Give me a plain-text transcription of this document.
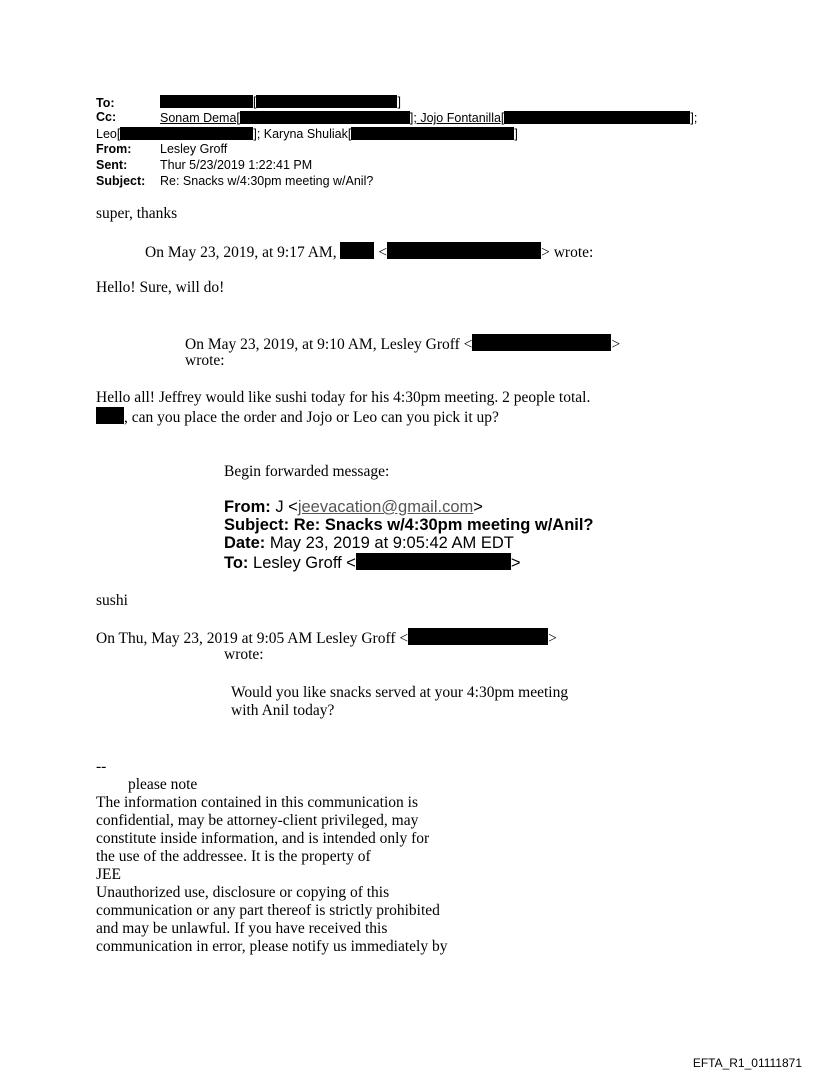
To:	[	]
Cc:	Sonam Dema[	]; Jojo Fontanilla[	];
Leo[	]; Karyna Shuliak[	]
From: Lesley Groff
Sent:	Thur 5/23/2019 1:22:41 PM
Subject: Re: Snacks w/4:30pm meeting w/Anil?
super, thanks
On May 23, 2019, at 9:17 AM,	<	> wrote:
Hello! Sure, will do!
On May 23, 2019, at 9:10 AM, Lesley Groff <	>
wrote:
Hello all! Jeffrey would like sushi today for his 4:30pm meeting. 2 people total.
, can you place the order and Jojo or Leo can you pick it up?
Begin forwarded message:
From: J <jeevacation@gmail.com>
Subject: Re: Snacks w/4:30pm meeting w/Anil?
Date: May 23, 2019 at 9:05:42 AM EDT
To: Lesley Groff <	>
sushi
On Thu, May 23, 2019 at 9:05 AM Lesley Groff <	>
wrote:
Would you like snacks served at your 4:30pm meeting
with Anil today?
--
please note
The information contained in this communication is
confidential, may be attorney-client privileged, may
constitute inside information, and is intended only for
the use of the addressee. It is the property of
JEE
Unauthorized use, disclosure or copying of this
communication or any part thereof is strictly prohibited
and may be unlawful. If you have received this
communication in error, please notify us immediately by
EFTA_R1_01111871
